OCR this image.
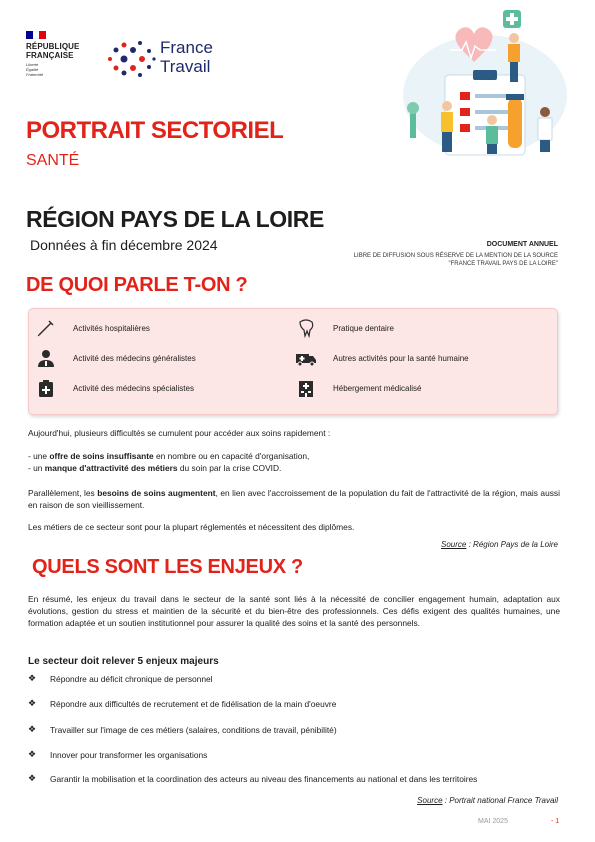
RÉPUBLIQUE
FRANÇAISE
Liberté
Égalité
Fraternité
France
Travail
PORTRAIT SECTORIEL
SANTÉ
RÉGION PAYS DE LA LOIRE
Données à fin décembre 2024	DOCUMENT ANNUEL
LIBRE DE DIFFUSION SOUS RÉSERVE DE LA MENTION DE LA SOURCE "FRANCE TRAVAIL PAYS DE LA LOIRE"
DE QUOI PARLE T-ON ?
Activités hospitalières	Pratique dentaire
Activité des médecins généralistes	Autres activités pour la santé humaine
Activité des médecins spécialistes	Hébergement médicalisé
Aujourd'hui, plusieurs difficultés se cumulent pour accéder aux soins rapidement :
- une offre de soins insuffisante en nombre ou en capacité d'organisation,
- un manque d'attractivité des métiers du soin par la crise COVID.
Parallèlement, les besoins de soins augmentent, en lien avec l'accroissement de la population du fait de l'attractivité de la région, mais aussi en raison de son vieillissement.
Les métiers de ce secteur sont pour la plupart réglementés et nécessitent des diplômes.
Source : Région Pays de la Loire
QUELS SONT LES ENJEUX ?
En résumé, les enjeux du travail dans le secteur de la santé sont liés à la nécessité de concilier engagement humain, adaptation aux évolutions, gestion du stress et maintien de la sécurité et du bien-être des professionnels. Ces défis exigent des qualités humaines, une formation adaptée et un soutien institutionnel pour assurer la qualité des soins et la santé des personnels.
Le secteur doit relever 5 enjeux majeurs
❖	Répondre au déficit chronique de personnel
❖	Répondre aux difficultés de recrutement et de fidélisation de la main d'oeuvre
❖	Travailler sur l'image de ces métiers (salaires, conditions de travail, pénibilité)
❖	Innover pour transformer les organisations
❖	Garantir la mobilisation et la coordination des acteurs au niveau des financements au national et dans les territoires
Source : Portrait national France Travail
MAI 2025	- 1
